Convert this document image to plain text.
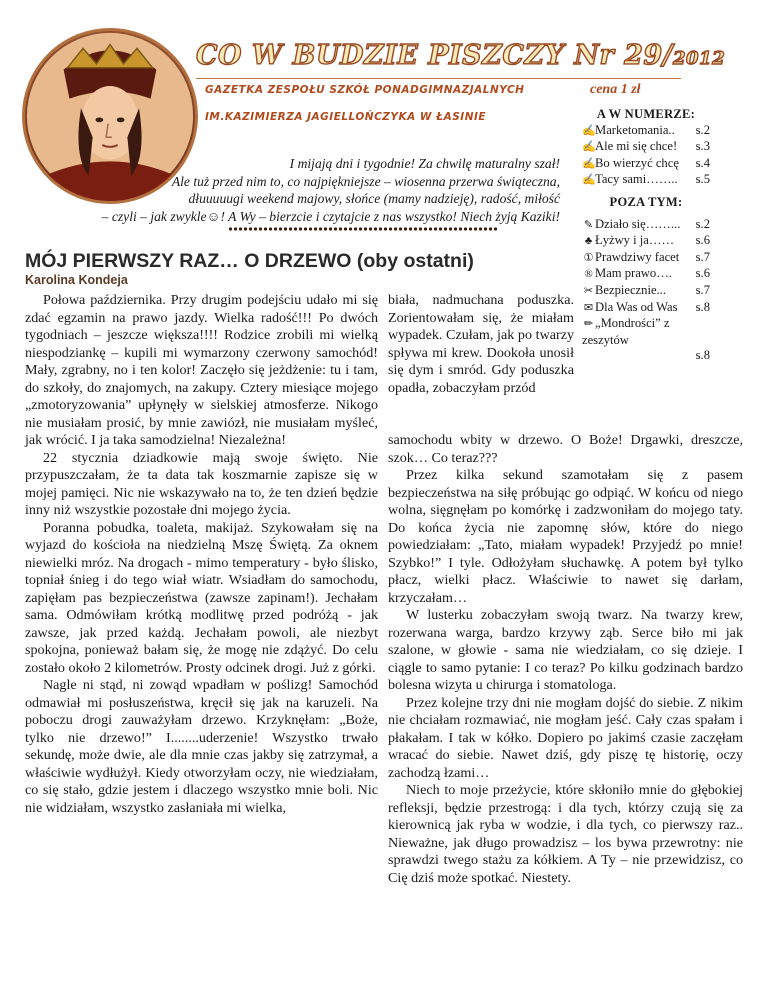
CO W BUDZIE PISZCZY Nr 29/2012
GAZETKA ZESPOŁU SZKÓŁ PONADGIMNAZJALNYCH	cena 1 zł
IM.KAZIMIERZA JAGIELLOŃCZYKA W ŁASINIE
I mijają dni i tygodnie! Za chwilę maturalny szał!
Ale tuż przed nim to, co najpiękniejsze – wiosenna przerwa świąteczna,
dłuuuuugi weekend majowy, słońce (mamy nadzieję), radość, miłość
– czyli – jak zwykle☺! A Wy – bierzcie i czytajcie z nas wszystko! Niech żyją Kaziki!
A W NUMERZE:
✍Marketomania.. s.2
✍Ale mi się chce! s.3
✍Bo wierzyć chcę s.4
✍Tacy sami…….. s.5
POZA TYM:
✎ Działo się……... s.2
♣ Łyżwy i ja…… s.6
① Prawdziwy facet s.7
® Mam prawo…. s.6
✂ Bezpiecznie... s.7
✉ Dla Was od Was s.8
✏ „Mondrości” z zeszytów
s.8
MÓJ PIERWSZY RAZ… O DRZEWO (oby ostatni)
Karolina Kondeja

Połowa października. Przy drugim podejściu udało mi się zdać egzamin na prawo jazdy. Wielka radość!!! Po dwóch tygodniach – jeszcze większa!!!! Rodzice zrobili mi wielką niespodziankę – kupili mi wymarzony czerwony samochód! Mały, zgrabny, no i ten kolor! Zaczęło się jeżdżenie: tu i tam, do szkoły, do znajomych, na zakupy. Cztery miesiące mojego „zmotoryzowania” upłynęły w sielskiej atmosferze. Nikogo nie musiałam prosić, by mnie zawiózł, nie musiałam myśleć, jak wrócić. I ja taka samodzielna! Niezależna!

22 stycznia dziadkowie mają swoje święto. Nie przypuszczałam, że ta data tak koszmarnie zapisze się w mojej pamięci. Nic nie wskazywało na to, że ten dzień będzie inny niż wszystkie pozostałe dni mojego życia.

Poranna pobudka, toaleta, makijaż. Szykowałam się na wyjazd do kościoła na niedzielną Mszę Świętą. Za oknem niewielki mróz. Na drogach - mimo temperatury - było ślisko, topniał śnieg i do tego wiał wiatr. Wsiadłam do samochodu, zapięłam pas bezpieczeństwa (zawsze zapinam!). Jechałam sama. Odmówiłam krótką modlitwę przed podróżą - jak zawsze, jak przed każdą. Jechałam powoli, ale niezbyt spokojna, ponieważ bałam się, że mogę nie zdążyć. Do celu zostało około 2 kilometrów. Prosty odcinek drogi. Już z górki.

Nagle ni stąd, ni zowąd wpadłam w poślizg! Samochód odmawiał mi posłuszeństwa, kręcił się jak na karuzeli. Na poboczu drogi zauważyłam drzewo. Krzyknęłam: „Boże, tylko nie drzewo!” I........uderzenie! Wszystko trwało sekundę, może dwie, ale dla mnie czas jakby się zatrzymał, a właściwie wydłużył. Kiedy otworzyłam oczy, nie wiedziałam, co się stało, gdzie jestem i dlaczego wszystko mnie boli. Nic nie widziałam, wszystko zasłaniała mi wielka,

biała, nadmuchana poduszka. Zorientowałam się, że miałam wypadek. Czułam, jak po twarzy spływa mi krew. Dookoła unosił się dym i smród. Gdy poduszka opadła, zobaczyłam przód

samochodu wbity w drzewo. O Boże! Drgawki, dreszcze, szok… Co teraz???

Przez kilka sekund szamotałam się z pasem bezpieczeństwa na siłę próbując go odpiąć. W końcu od niego wolna, sięgnęłam po komórkę i zadzwoniłam do mojego taty. Do końca życia nie zapomnę słów, które do niego powiedziałam: „Tato, miałam wypadek! Przyjedź po mnie! Szybko!” I tyle. Odłożyłam słuchawkę. A potem był tylko płacz, wielki płacz. Właściwie to nawet się darłam, krzyczałam…

W lusterku zobaczyłam swoją twarz. Na twarzy krew, rozerwana warga, bardzo krzywy ząb. Serce biło mi jak szalone, w głowie - sama nie wiedziałam, co się dzieje. I ciągle to samo pytanie: I co teraz? Po kilku godzinach bardzo bolesna wizyta u chirurga i stomatologa.

Przez kolejne trzy dni nie mogłam dojść do siebie. Z nikim nie chciałam rozmawiać, nie mogłam jeść. Cały czas spałam i płakałam. I tak w kółko. Dopiero po jakimś czasie zaczęłam wracać do siebie. Nawet dziś, gdy piszę tę historię, oczy zachodzą łzami…

Niech to moje przeżycie, które skłoniło mnie do głębokiej refleksji, będzie przestrogą: i dla tych, którzy czują się za kierownicą jak ryba w wodzie, i dla tych, co pierwszy raz.. Nieważne, jak długo prowadzisz – los bywa przewrotny: nie sprawdzi twego stażu za kółkiem. A Ty – nie przewidzisz, co Cię dziś może spotkać. Niestety.
